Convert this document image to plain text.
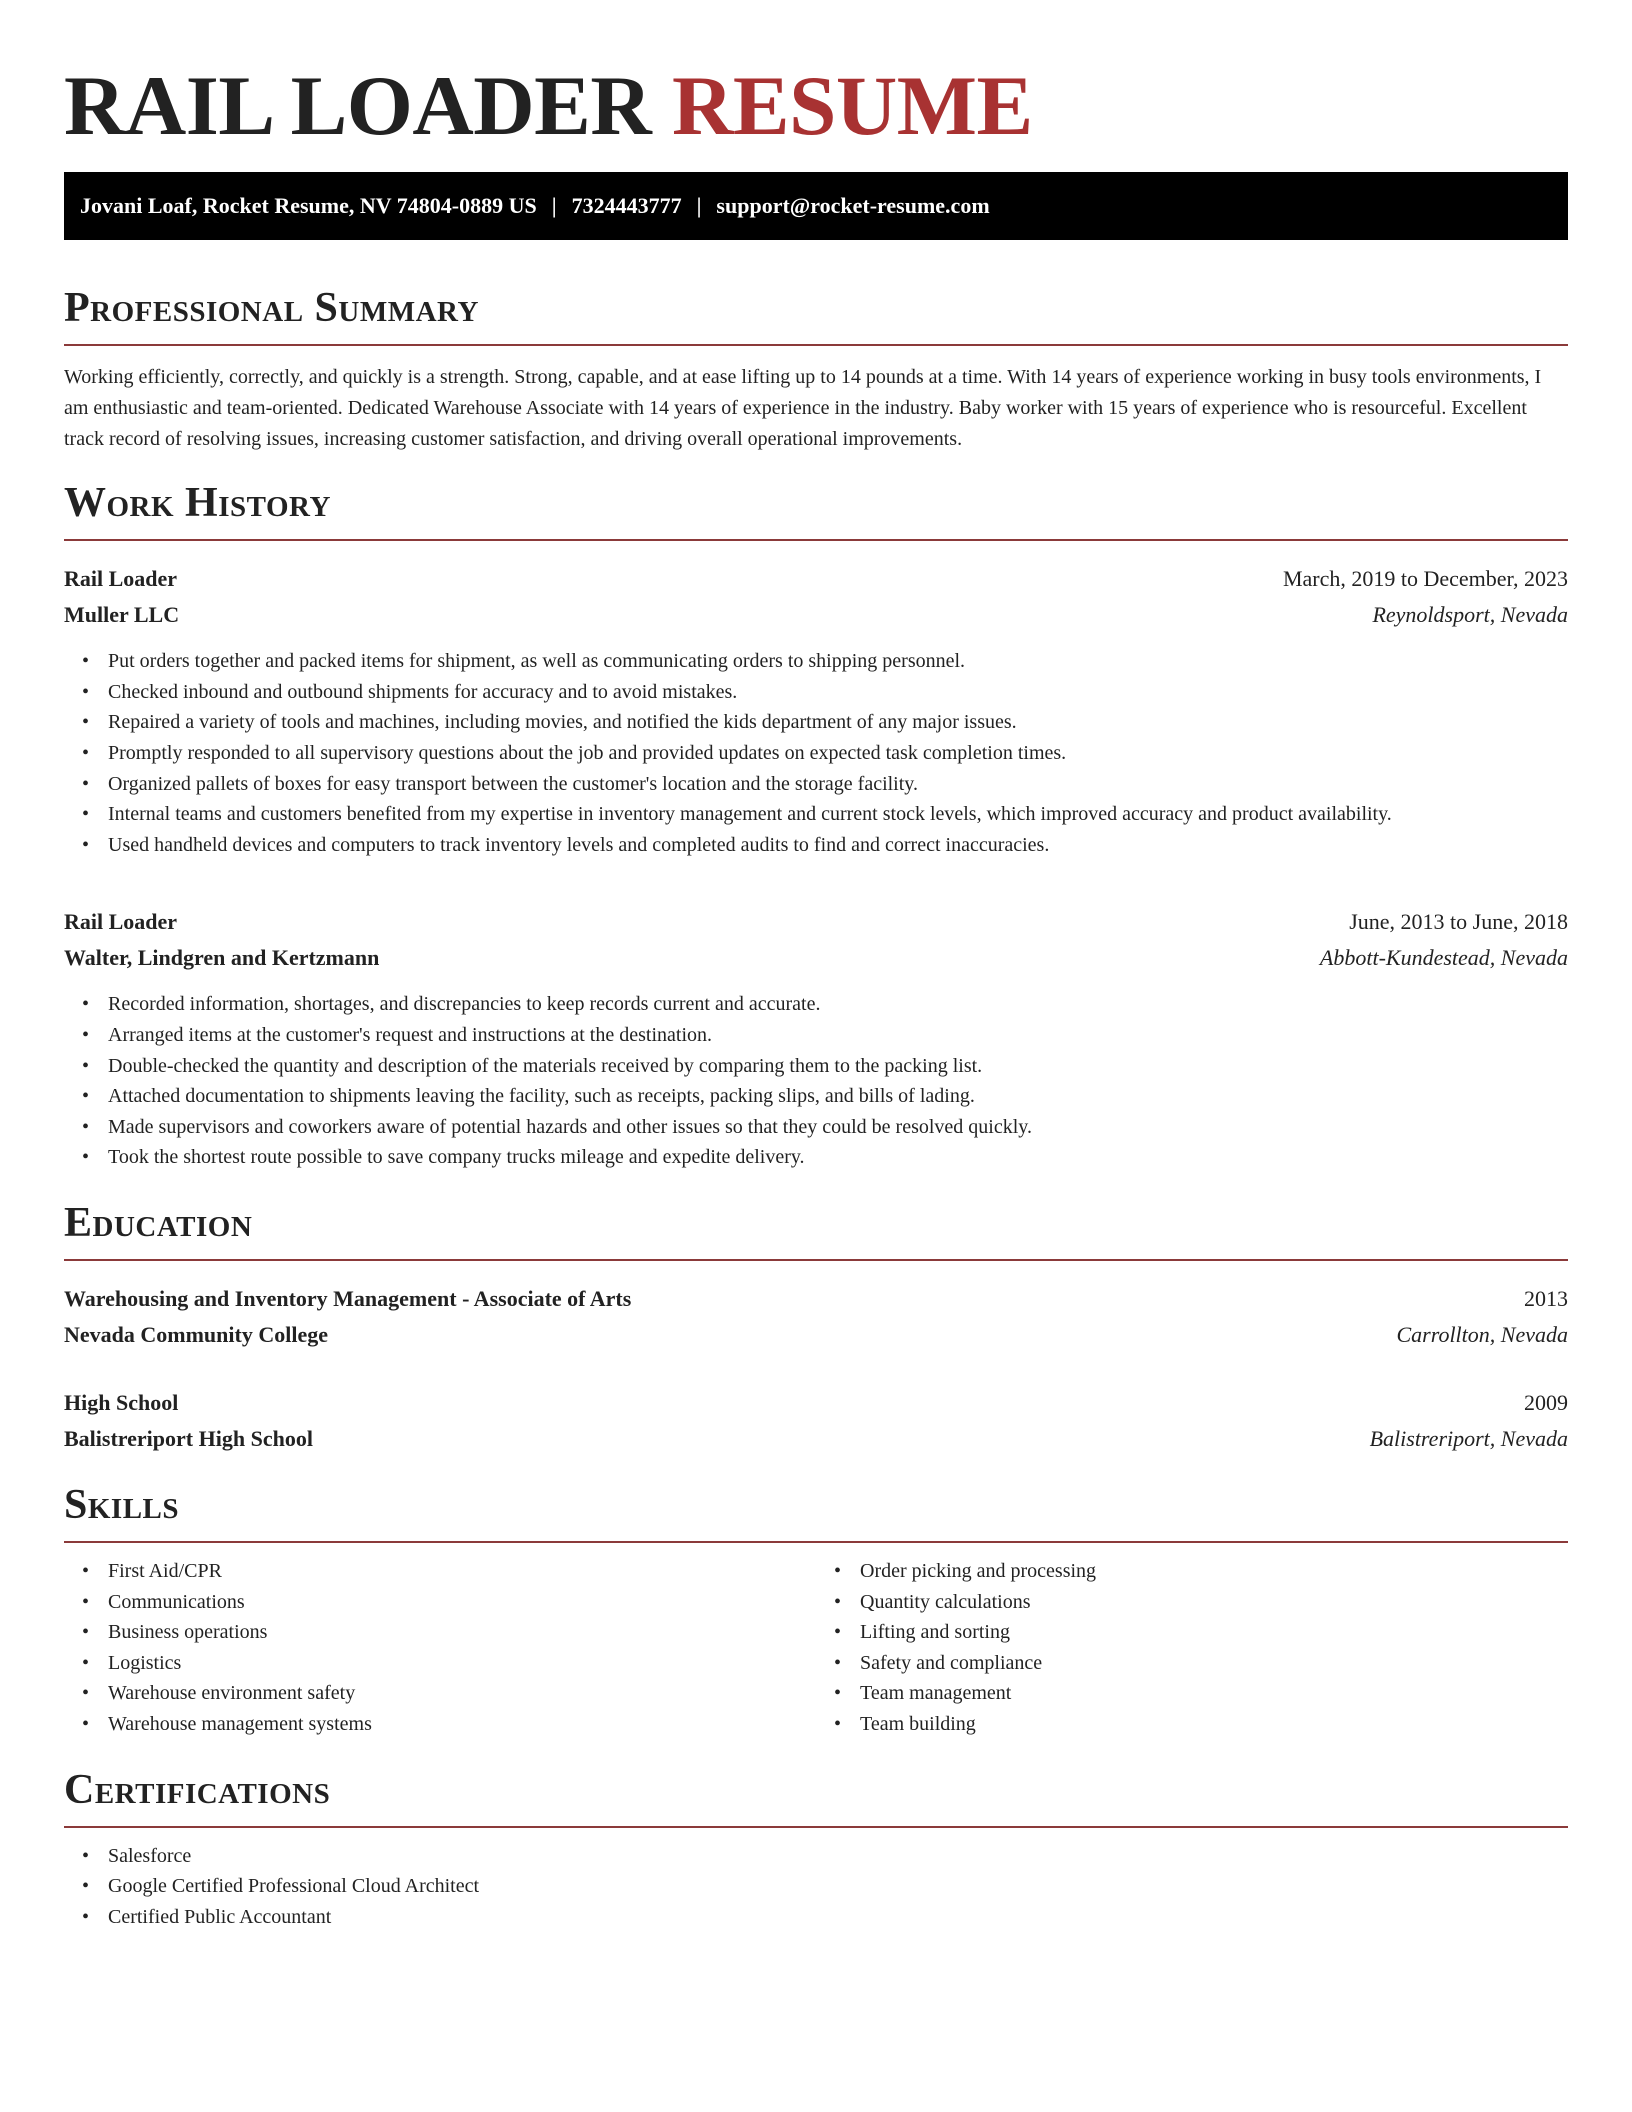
RAIL LOADER RESUME
Jovani Loaf, Rocket Resume, NV 74804-0889 US | 7324443777 | support@rocket-resume.com
Professional Summary

Working efficiently, correctly, and quickly is a strength. Strong, capable, and at ease lifting up to 14 pounds at a time. With 14 years of experience working in busy tools environments, I am enthusiastic and team-oriented. Dedicated Warehouse Associate with 14 years of experience in the industry. Baby worker with 15 years of experience who is resourceful. Excellent track record of resolving issues, increasing customer satisfaction, and driving overall operational improvements.

Work History
Rail Loader	March, 2019 to December, 2023
Muller LLC	Reynoldsport, Nevada
• Put orders together and packed items for shipment, as well as communicating orders to shipping personnel.
• Checked inbound and outbound shipments for accuracy and to avoid mistakes.
• Repaired a variety of tools and machines, including movies, and notified the kids department of any major issues.
• Promptly responded to all supervisory questions about the job and provided updates on expected task completion times.
• Organized pallets of boxes for easy transport between the customer's location and the storage facility.
• Internal teams and customers benefited from my expertise in inventory management and current stock levels, which improved accuracy and product availability.
• Used handheld devices and computers to track inventory levels and completed audits to find and correct inaccuracies.
Rail Loader	June, 2013 to June, 2018
Walter, Lindgren and Kertzmann	Abbott-Kundestead, Nevada
• Recorded information, shortages, and discrepancies to keep records current and accurate.
• Arranged items at the customer's request and instructions at the destination.
• Double-checked the quantity and description of the materials received by comparing them to the packing list.
• Attached documentation to shipments leaving the facility, such as receipts, packing slips, and bills of lading.
• Made supervisors and coworkers aware of potential hazards and other issues so that they could be resolved quickly.
• Took the shortest route possible to save company trucks mileage and expedite delivery.
Education
Warehousing and Inventory Management - Associate of Arts	2013
Nevada Community College	Carrollton, Nevada
High School	2009
Balistreriport High School	Balistreriport, Nevada
Skills
• First Aid/CPR
• Communications
• Business operations
• Logistics
• Warehouse environment safety
• Warehouse management systems
• Order picking and processing
• Quantity calculations
• Lifting and sorting
• Safety and compliance
• Team management
• Team building
Certifications
• Salesforce
• Google Certified Professional Cloud Architect
• Certified Public Accountant
